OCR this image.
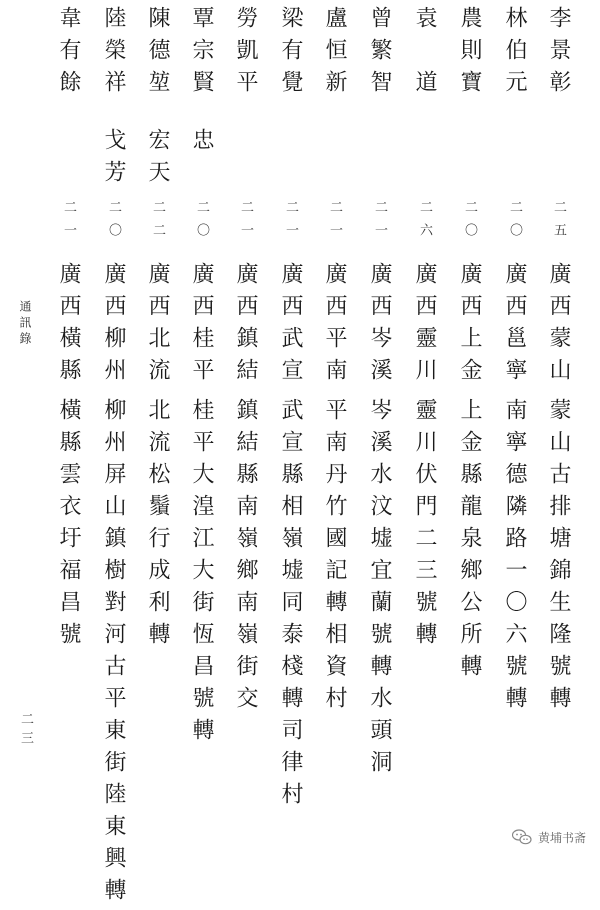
李景彰
二五
廣西蒙山
蒙山古排塘錦生隆號轉
林伯元
二〇
廣西邕寧
南寧德隣路一〇六號轉
農則寶
二〇
廣西上金
上金縣龍泉鄉公所轉
袁　道
二六
廣西靈川
靈川伏門二三號轉
曾繁智
二一
廣西岑溪
岑溪水汶墟宜蘭號轉水頭洞
盧恒新
二一
廣西平南
平南丹竹國記轉相資村
梁有覺
二一
廣西武宣
武宣縣相嶺墟同泰棧轉司律村
勞凱平
二一
廣西鎮結
鎮結縣南嶺鄉南嶺街交
覃宗賢
忠
二〇
廣西桂平
桂平大湟江大街恆昌號轉
陳德堃
宏天
二二
廣西北流
北流松鬚行成利轉
陸榮祥
戈芳
二〇
廣西柳州
柳州屏山鎮樹對河古平東街陸東興轉
韋有餘
二一
廣西橫縣
橫縣雲衣圩福昌號
通訊錄
二三
黄埔书斋
